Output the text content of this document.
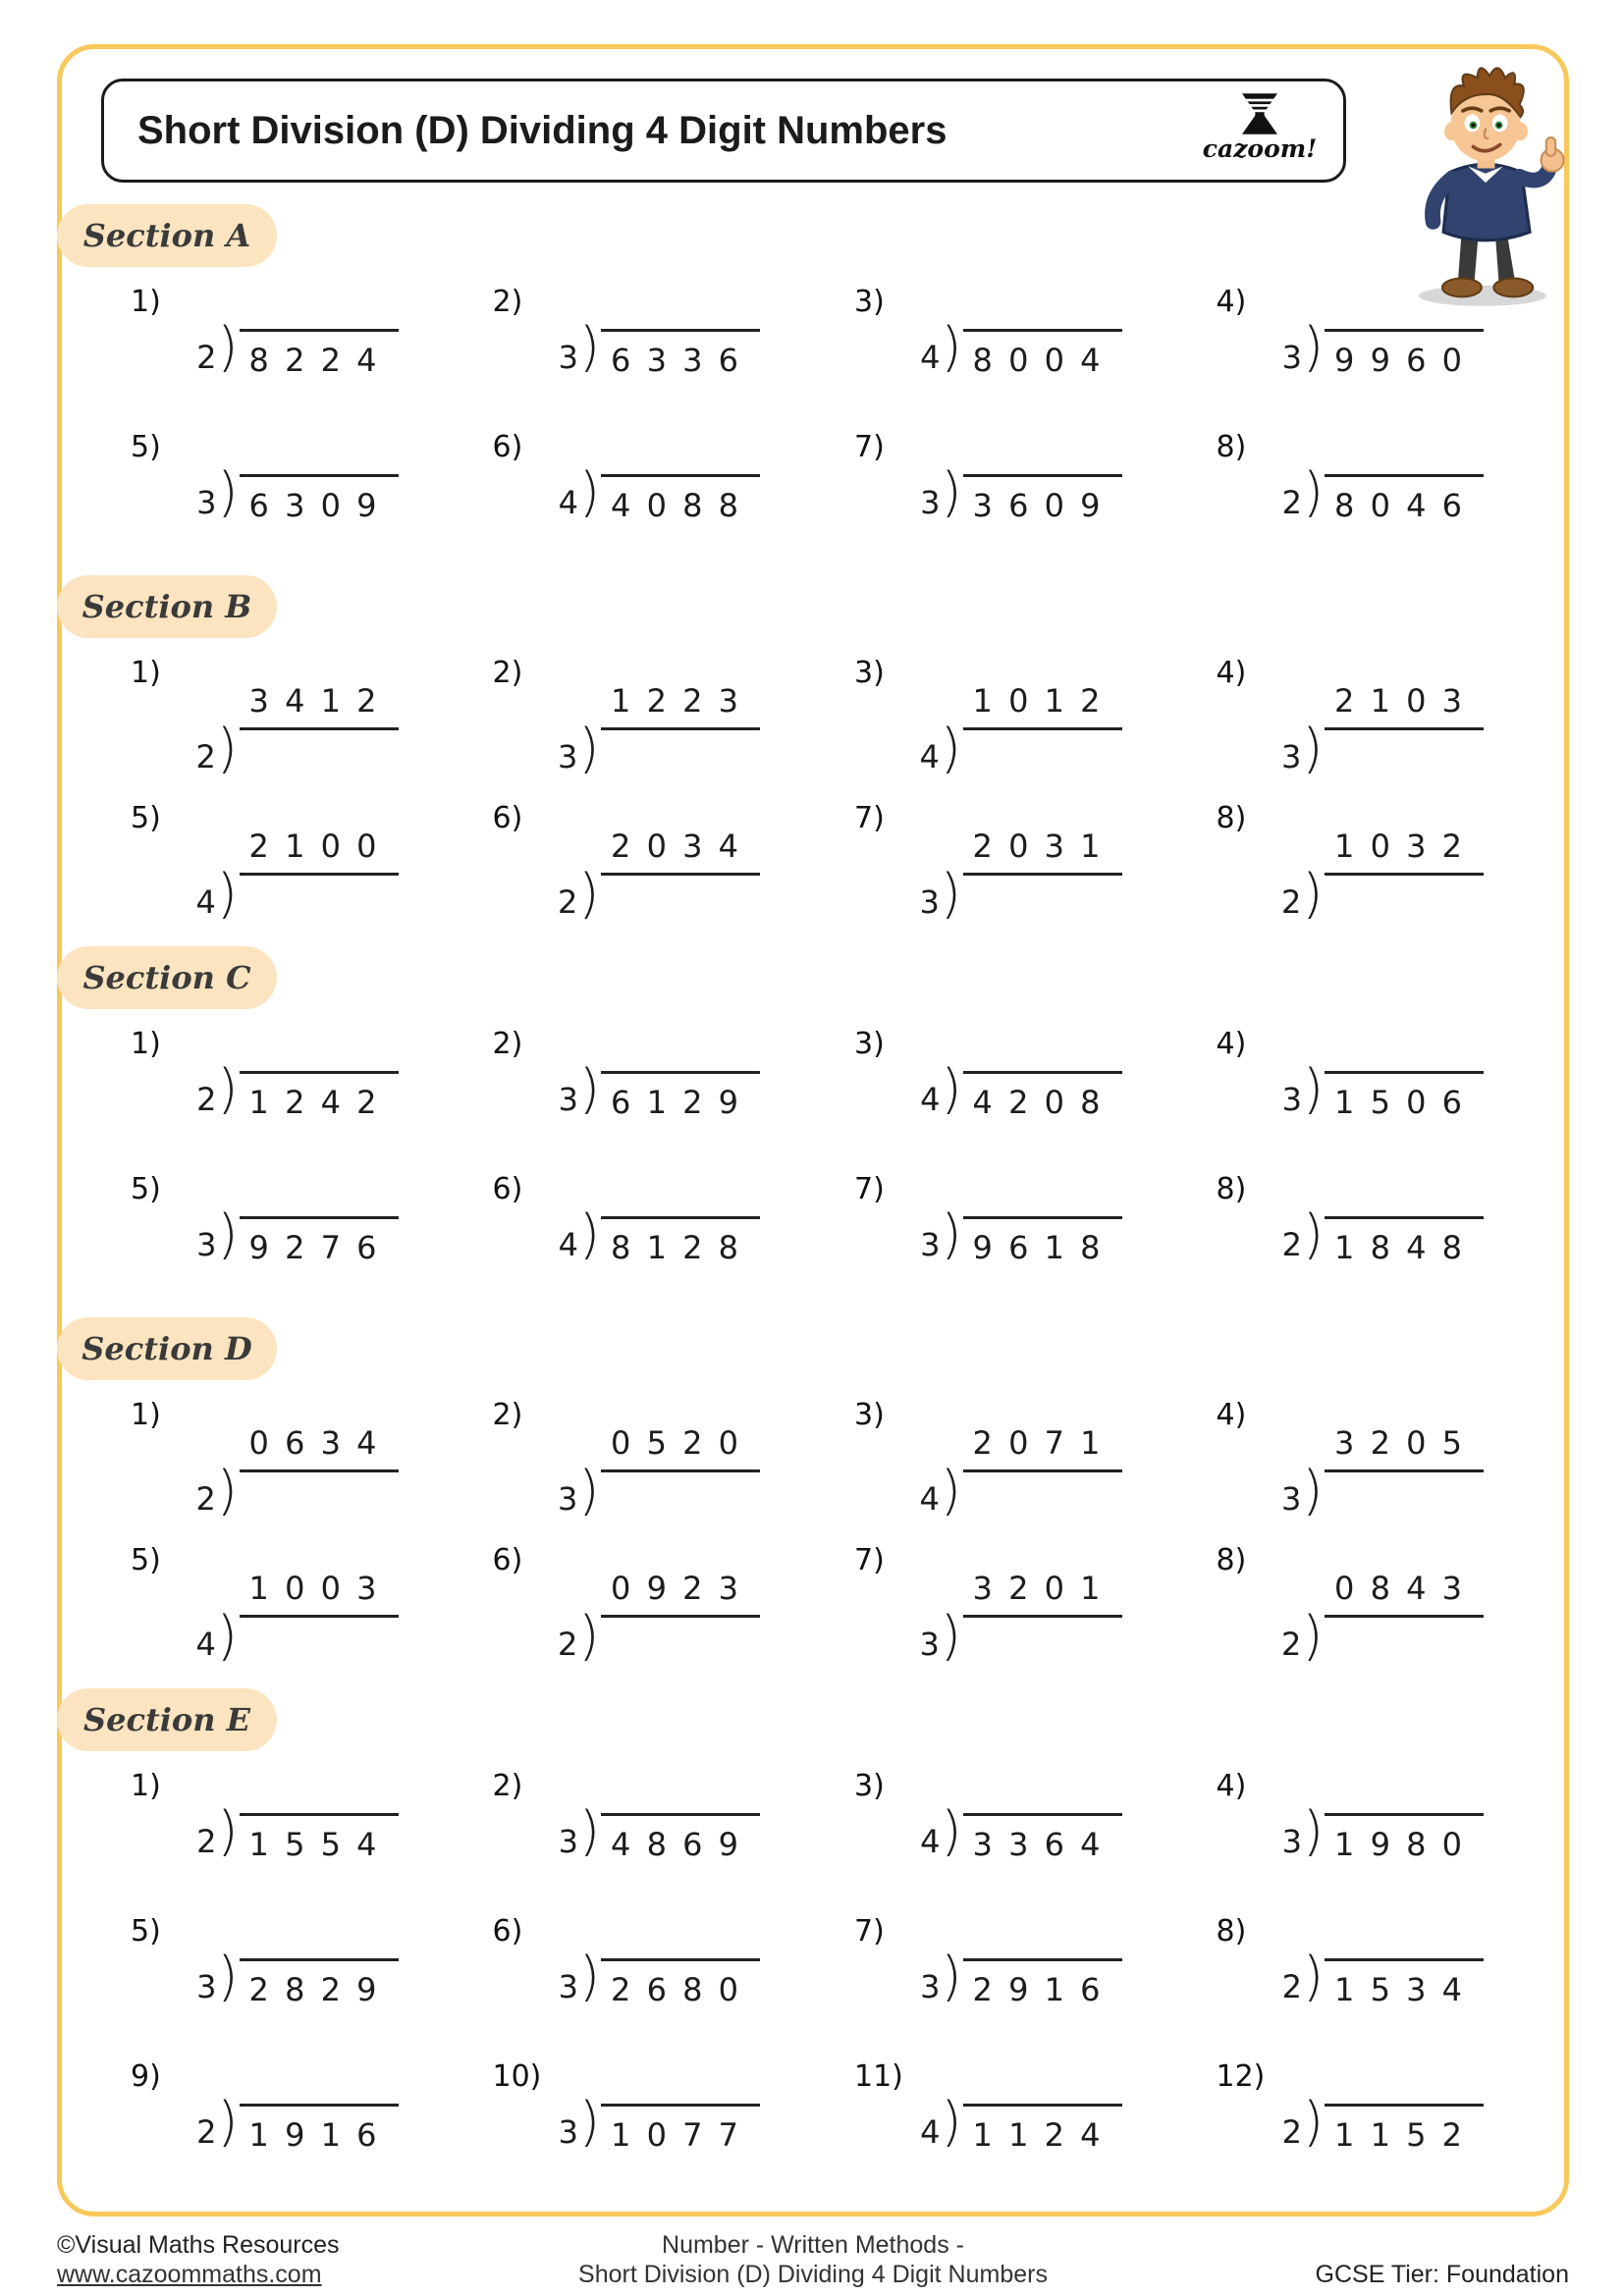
Short Division (D) Dividing 4 Digit Numbers	cazoom!
Section A
1)
2 ) 8 2 2 4
2)
3 ) 6 3 3 6
3)
4 ) 8 0 0 4
4)
3 ) 9 9 6 0
5)
3 ) 6 3 0 9
6)
4 ) 4 0 8 8
7)
3 ) 3 6 0 9
8)
2 ) 8 0 4 6
Section B
1)
3 4 1 2
2 )
2)
1 2 2 3
3 )
3)
1 0 1 2
4 )
4)
2 1 0 3
3 )
5)
2 1 0 0
4 )
6)
2 0 3 4
2 )
7)
2 0 3 1
3 )
8)
1 0 3 2
2 )
Section C
1)
2 ) 1 2 4 2
2)
3 ) 6 1 2 9
3)
4 ) 4 2 0 8
4)
3 ) 1 5 0 6
5)
3 ) 9 2 7 6
6)
4 ) 8 1 2 8
7)
3 ) 9 6 1 8
8)
2 ) 1 8 4 8
Section D
1)
0 6 3 4
2 )
2)
0 5 2 0
3 )
3)
2 0 7 1
4 )
4)
3 2 0 5
3 )
5)
1 0 0 3
4 )
6)
0 9 2 3
2 )
7)
3 2 0 1
3 )
8)
0 8 4 3
2 )
Section E
1)
2 ) 1 5 5 4
2)
3 ) 4 8 6 9
3)
4 ) 3 3 6 4
4)
3 ) 1 9 8 0
5)
3 ) 2 8 2 9
6)
3 ) 2 6 8 0
7)
3 ) 2 9 1 6
8)
2 ) 1 5 3 4
9)
2 ) 1 9 1 6
10)
3 ) 1 0 7 7
11)
4 ) 1 1 2 4
12)
2 ) 1 1 5 2
©Visual Maths Resources
www.cazoommaths.com
Number - Written Methods -
Short Division (D) Dividing 4 Digit Numbers	GCSE Tier: Foundation
